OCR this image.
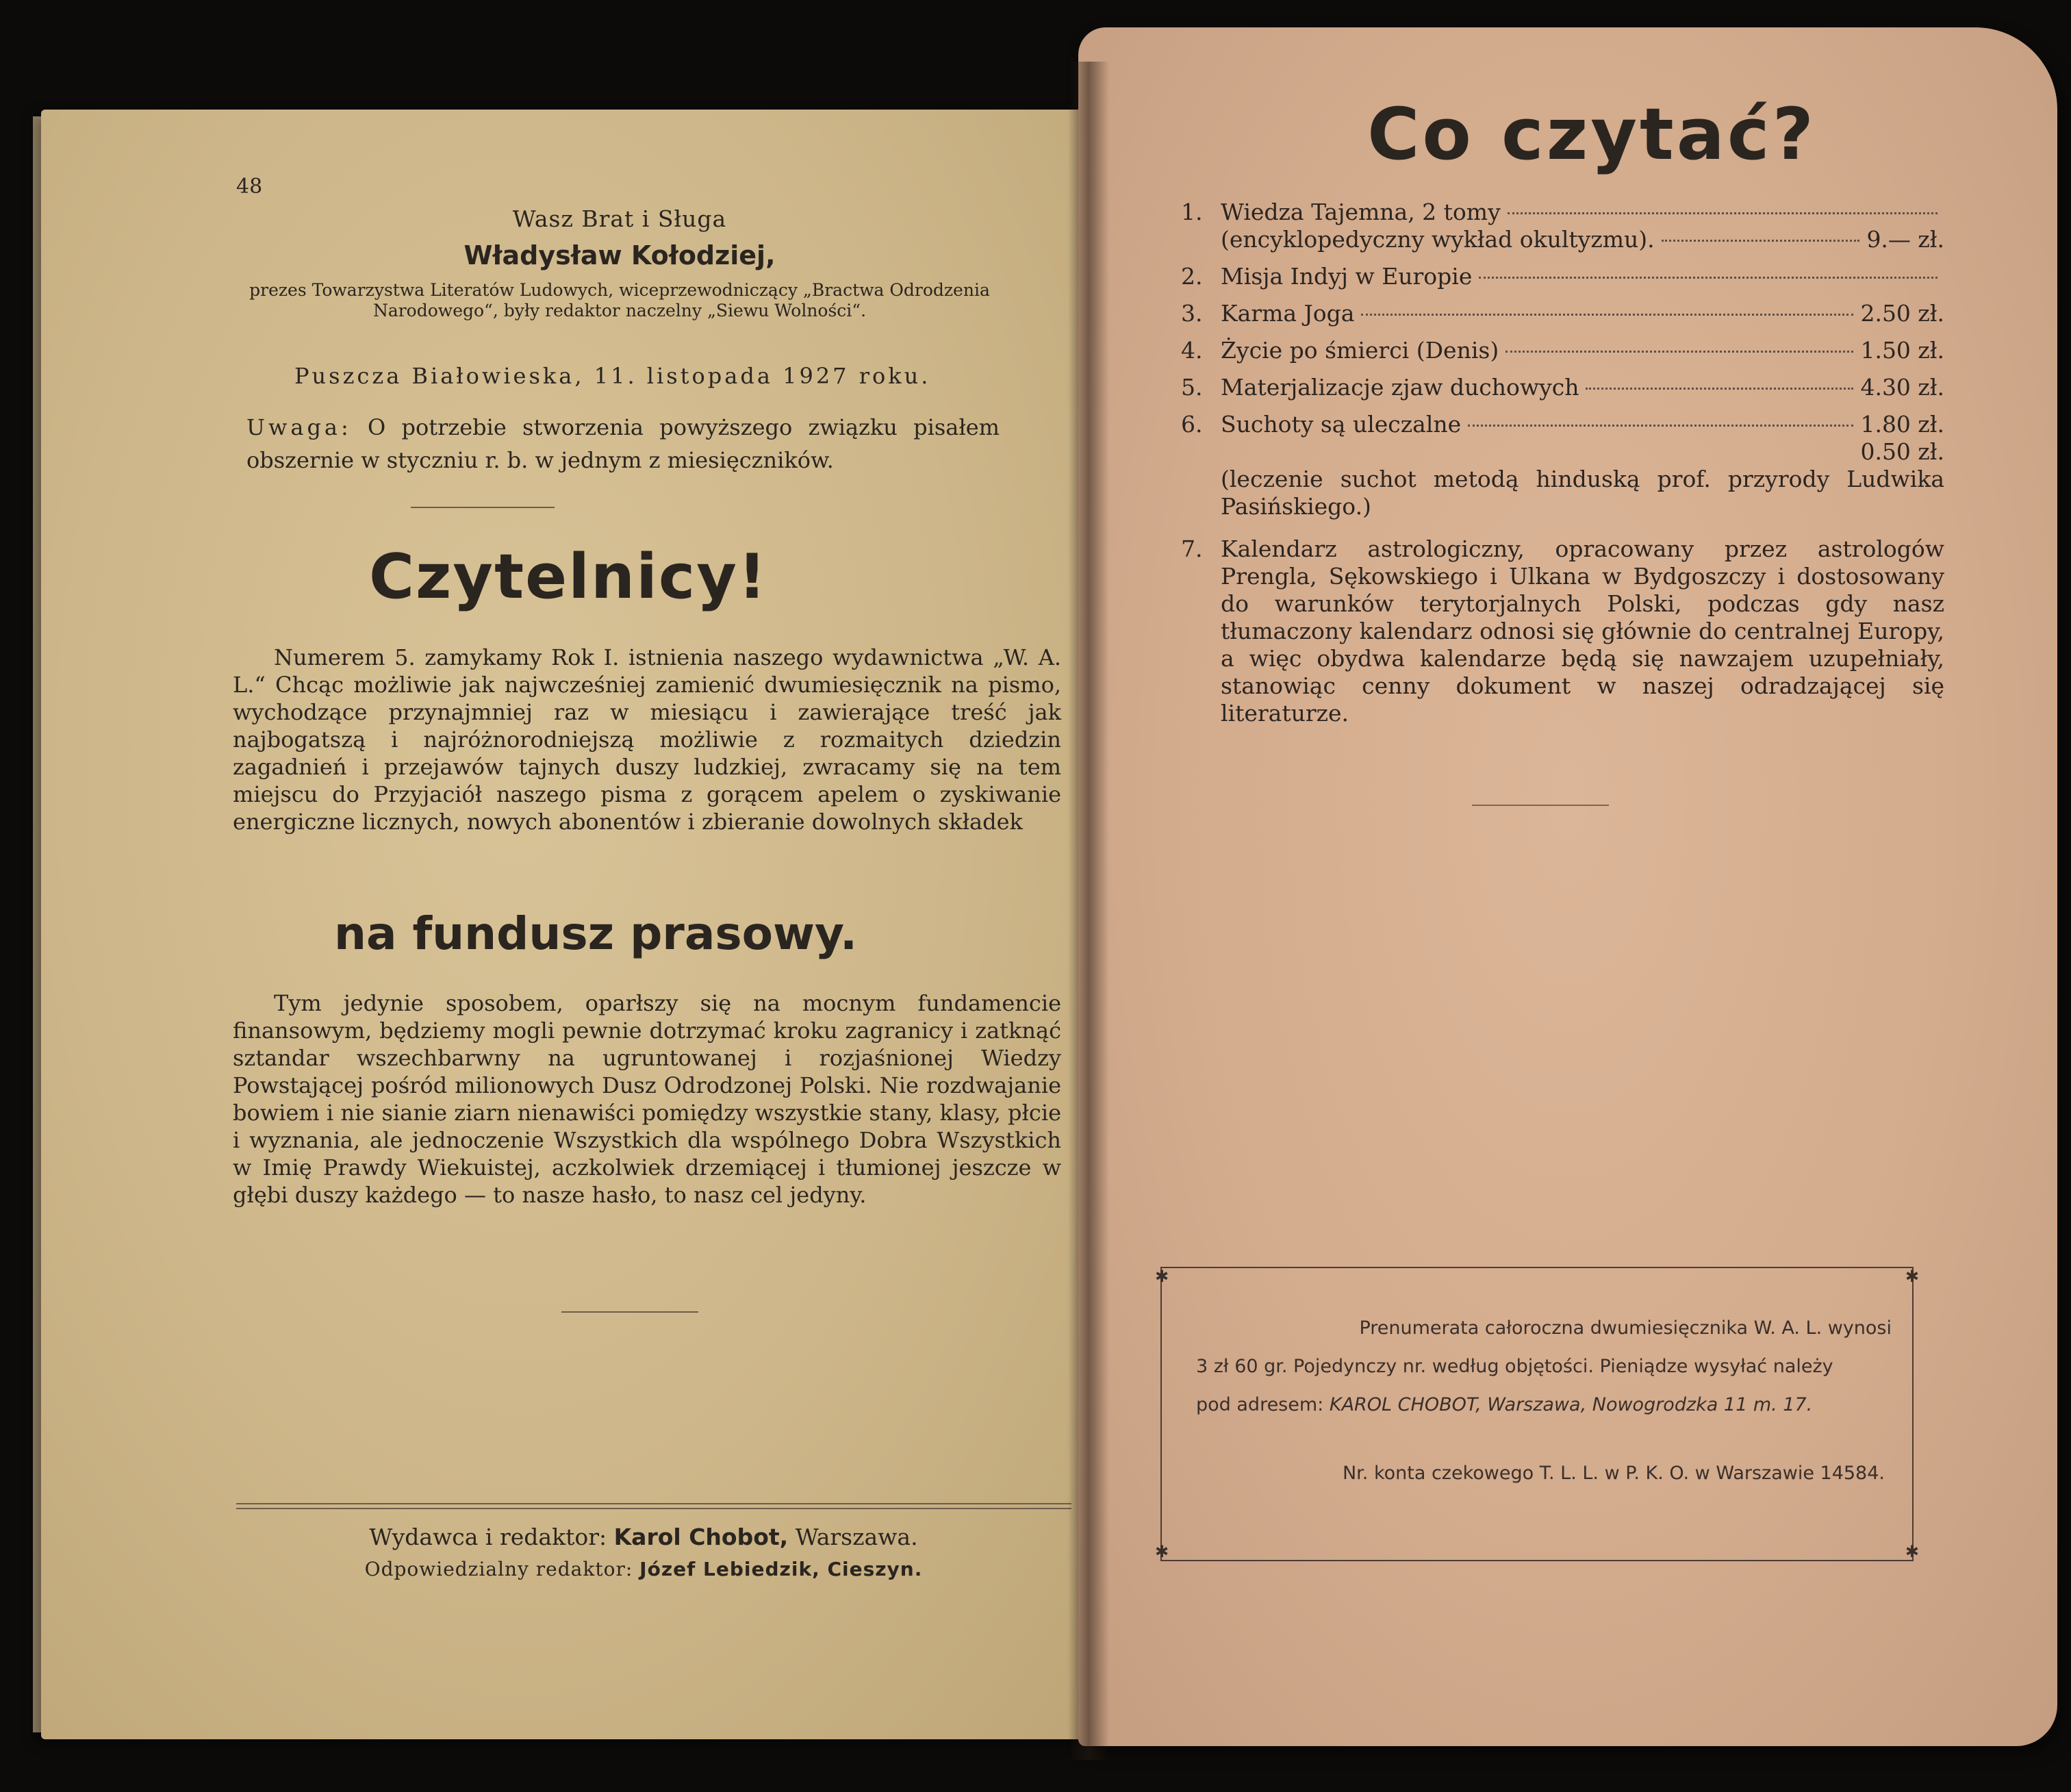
48
Wasz Brat i Sługa
Władysław Kołodziej,
prezes Towarzystwa Literatów Ludowych, wiceprzewodniczący „Bractwa Odrodzenia Narodowego“, były redaktor naczelny „Siewu Wolności“.
Puszcza Białowieska, 11. listopada 1927 roku.
Uwaga: O potrzebie stworzenia powyższego związku pisałem obszernie w styczniu r. b. w jednym z miesięczników.
Czytelnicy!
Numerem 5. zamykamy Rok I. istnienia naszego wydawnictwa „W. A. L.“ Chcąc możliwie jak najwcześniej zamienić dwumiesięcznik na pismo, wychodzące przynajmniej raz w miesiącu i zawierające treść jak najbogatszą i najróżnorodniejszą możliwie z rozmaitych dziedzin zagadnień i przejawów tajnych duszy ludzkiej, zwracamy się na tem miejscu do Przyjaciół naszego pisma z gorącem apelem o zyskiwanie energiczne licznych, nowych abonentów i zbieranie dowolnych składek
na fundusz prasowy.
Tym jedynie sposobem, oparłszy się na mocnym fundamencie finansowym, będziemy mogli pewnie dotrzymać kroku zagranicy i zatknąć sztandar wszechbarwny na ugruntowanej i rozjaśnionej Wiedzy Powstającej pośród milionowych Dusz Odrodzonej Polski. Nie rozdwajanie bowiem i nie sianie ziarn nienawiści pomiędzy wszystkie stany, klasy, płcie i wyznania, ale jednoczenie Wszystkich dla wspólnego Dobra Wszystkich w Imię Prawdy Wiekuistej, aczkolwiek drzemiącej i tłumionej jeszcze w głębi duszy każdego — to nasze hasło, to nasz cel jedyny.
Wydawca i redaktor: Karol Chobot, Warszawa.
Odpowiedzialny redaktor: Józef Lebiedzik, Cieszyn.
Co czytać?
1. Wiedza Tajemna, 2 tomy
(encyklopedyczny wykład okultyzmu).	9.— zł.
2. Misja Indyj w Europie
3. Karma Joga	2.50 zł.
4. Życie po śmierci (Denis)	1.50 zł.
5. Materjalizacje zjaw duchowych	4.30 zł.
6. Suchoty są uleczalne	1.80 zł.
0.50 zł.
(leczenie suchot metodą hinduską prof. przyrody Ludwika Pasińskiego.)
7. Kalendarz astrologiczny, opracowany przez astrologów Prengla, Sękowskiego i Ulkana w Bydgoszczy i dostosowany do warunków terytorjalnych Polski, podczas gdy nasz tłumaczony kalendarz odnosi się głównie do centralnej Europy, a więc obydwa kalendarze będą się nawzajem uzupełniały, stanowiąc cenny dokument w naszej odradzającej się literaturze.
✱	✱
✱	✱
Prenumerata całoroczna dwumiesięcznika W. A. L. wynosi
3 zł 60 gr. Pojedynczy nr. według objętości. Pieniądze wysyłać należy
pod adresem: KAROL CHOBOT, Warszawa, Nowogrodzka 11 m. 17.
Nr. konta czekowego T. L. L. w P. K. O. w Warszawie 14584.
